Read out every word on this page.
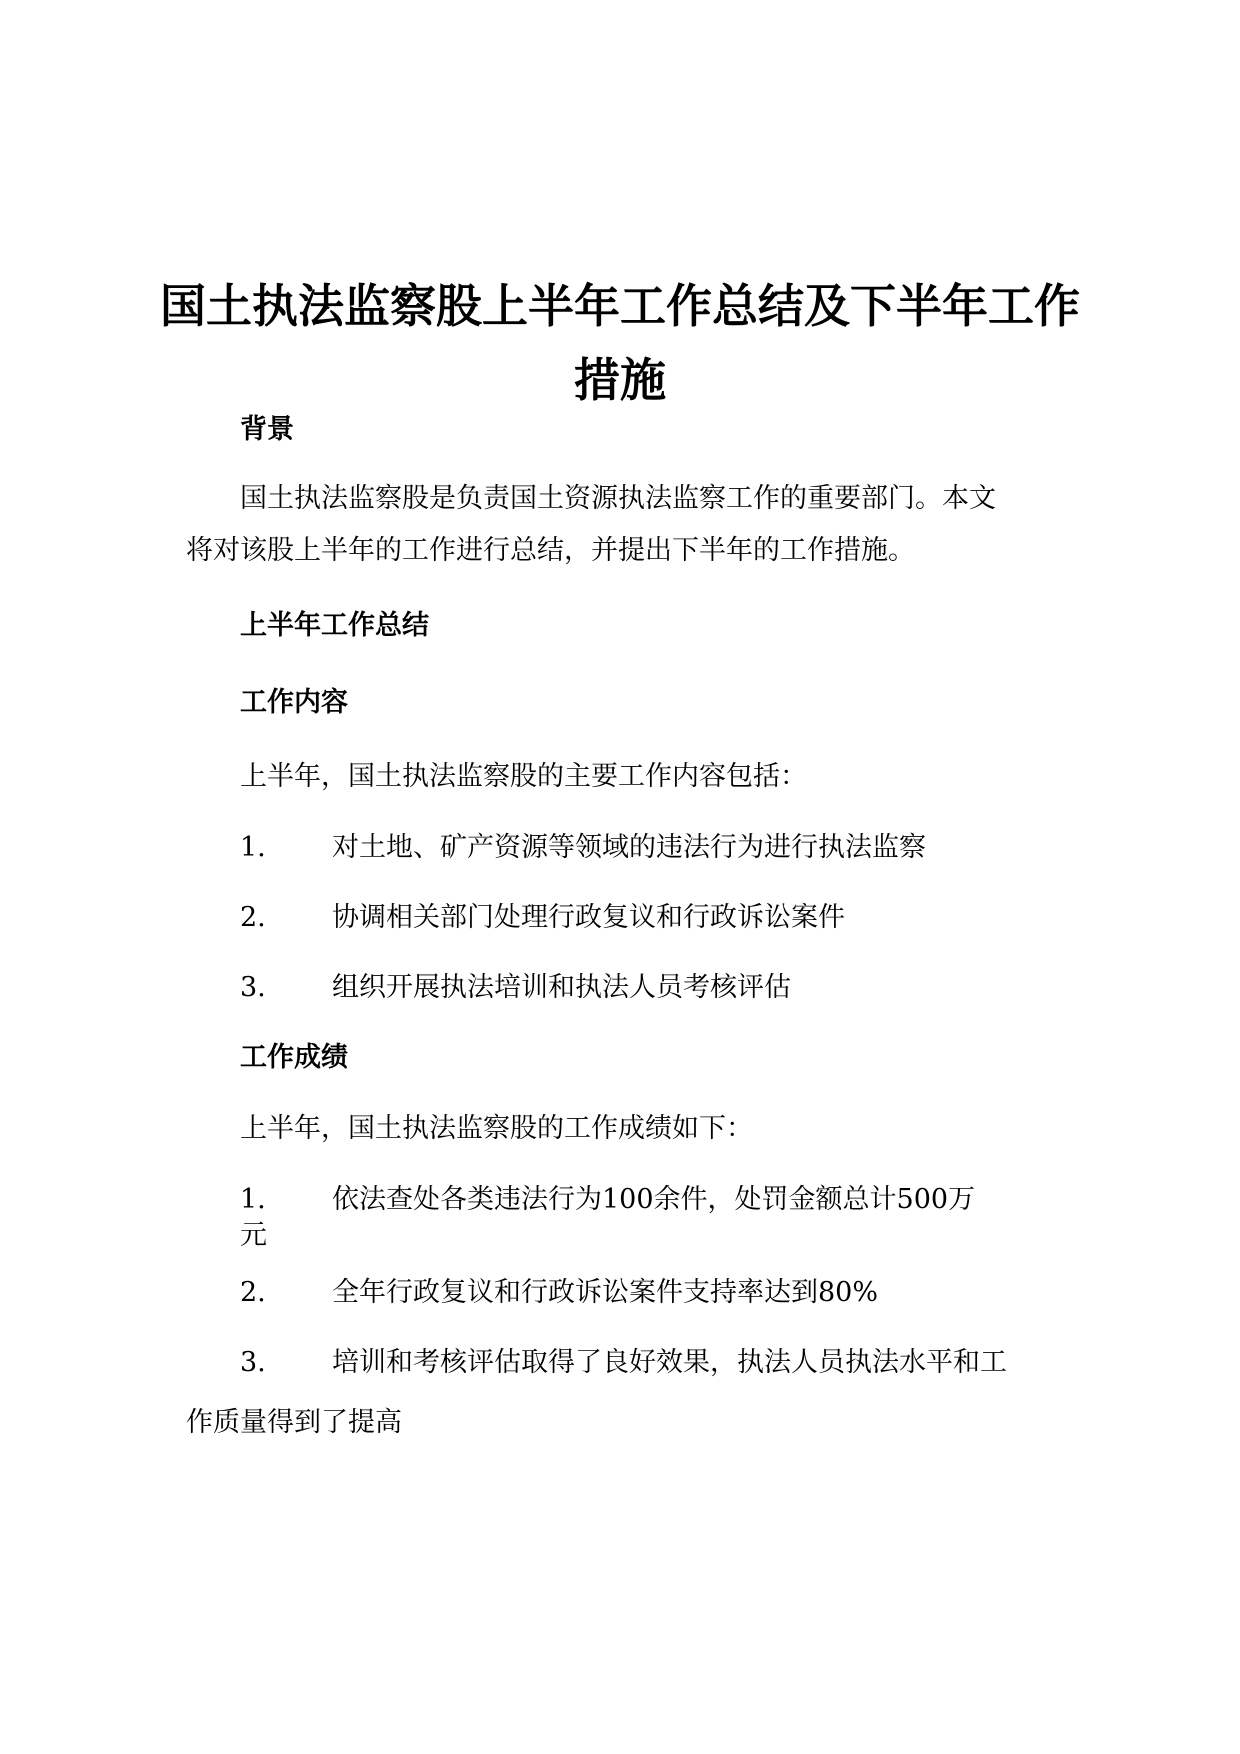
国土执法监察股上半年工作总结及下半年工作
措施
背景

国土执法监察股是负责国土资源执法监察工作的重要部门。本文

将对该股上半年的工作进行总结，并提出下半年的工作措施。

上半年工作总结
工作内容

上半年，国土执法监察股的主要工作内容包括：

1. 对土地、矿产资源等领域的违法行为进行执法监察
2. 协调相关部门处理行政复议和行政诉讼案件
3. 组织开展执法培训和执法人员考核评估
工作成绩

上半年，国土执法监察股的工作成绩如下：

1. 依法查处各类违法行为100余件，处罚金额总计500万
元
2. 全年行政复议和行政诉讼案件支持率达到80%
3. 培训和考核评估取得了良好效果，执法人员执法水平和工
作质量得到了提高
